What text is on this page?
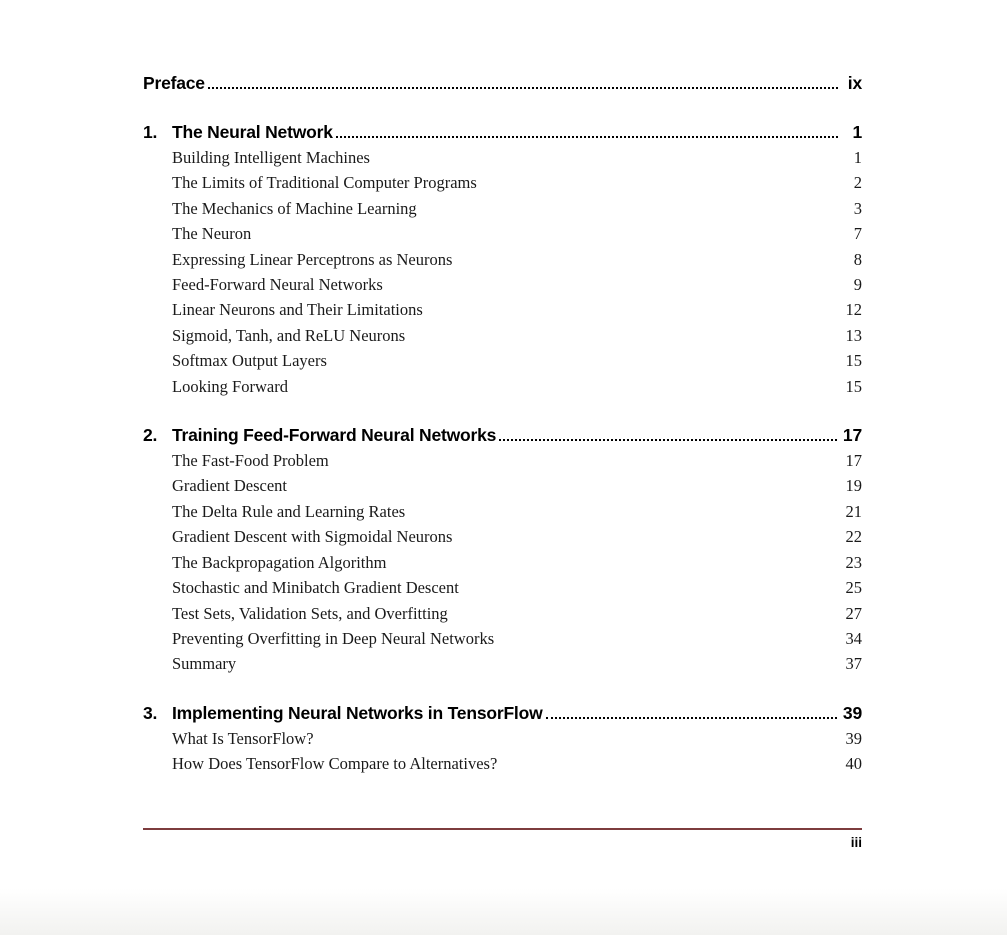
Preface	ix
1. The Neural Network	1
Building Intelligent Machines	1
The Limits of Traditional Computer Programs	2
The Mechanics of Machine Learning	3
The Neuron	7
Expressing Linear Perceptrons as Neurons	8
Feed-Forward Neural Networks	9
Linear Neurons and Their Limitations	12
Sigmoid, Tanh, and ReLU Neurons	13
Softmax Output Layers	15
Looking Forward	15
2. Training Feed-Forward Neural Networks	17
The Fast-Food Problem	17
Gradient Descent	19
The Delta Rule and Learning Rates	21
Gradient Descent with Sigmoidal Neurons	22
The Backpropagation Algorithm	23
Stochastic and Minibatch Gradient Descent	25
Test Sets, Validation Sets, and Overfitting	27
Preventing Overfitting in Deep Neural Networks	34
Summary	37
3. Implementing Neural Networks in TensorFlow	39
What Is TensorFlow?	39
How Does TensorFlow Compare to Alternatives?	40
iii
